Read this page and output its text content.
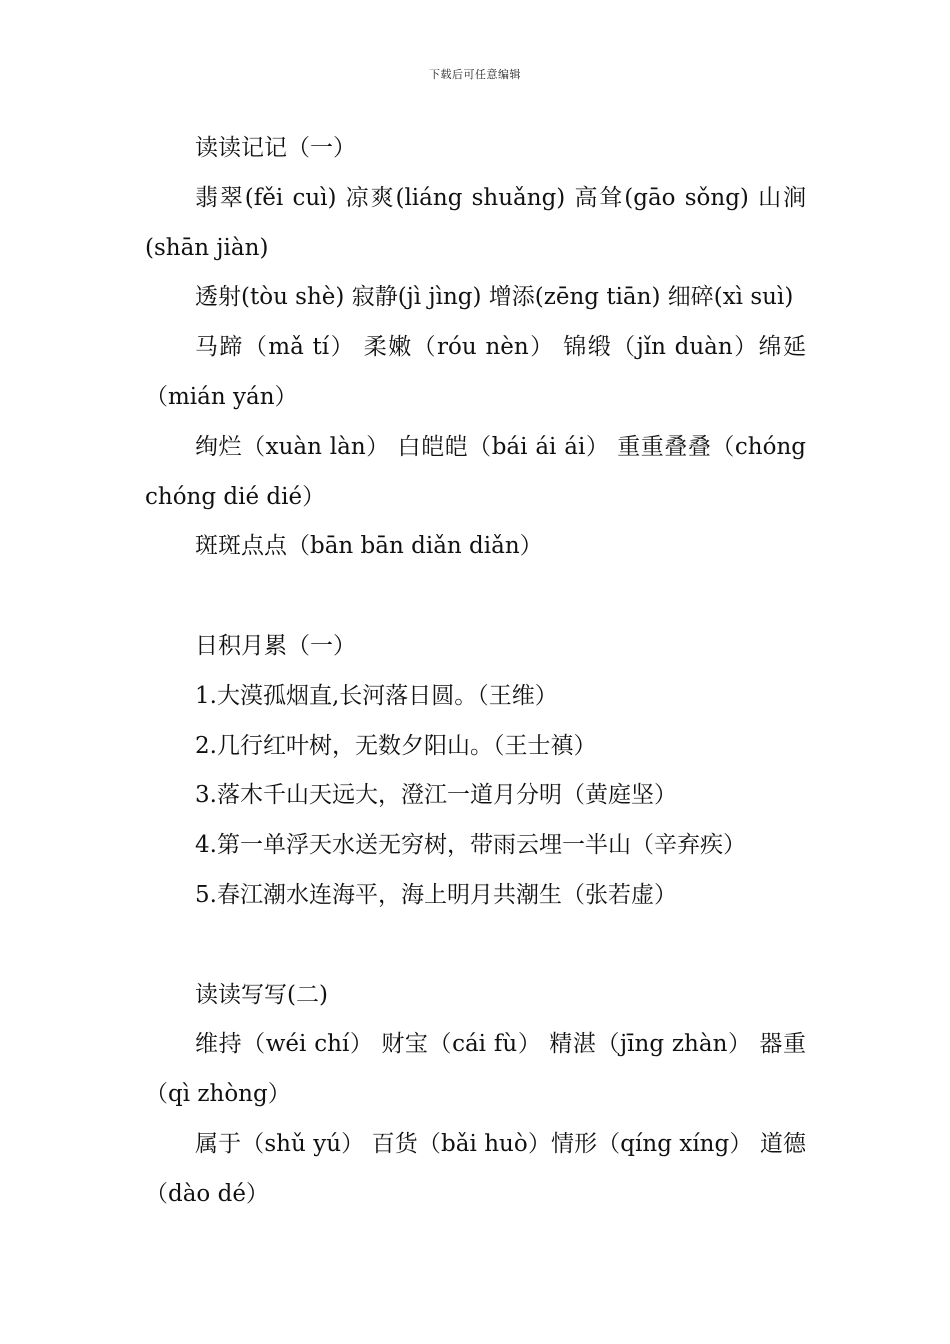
下载后可任意编辑

读读记记（一）

翡翠(fěi cuì) 凉爽(liáng shuǎng) 高耸(gāo sǒng) 山涧

(shān jiàn)

透射(tòu shè) 寂静(jì jìng) 增添(zēng tiān) 细碎(xì suì)

马蹄（mǎ tí） 柔嫩（róu nèn） 锦缎（jǐn duàn）绵延

（mián yán）

绚烂（xuàn làn） 白皑皑（bái ái ái） 重重叠叠（chóng

chóng dié dié）

斑斑点点（bān bān diǎn diǎn）

日积月累（一）

1.大漠孤烟直,长河落日圆。（王维）

2.几行红叶树，无数夕阳山。（王士禛）

3.落木千山天远大，澄江一道月分明（黄庭坚）

4.第一单浮天水送无穷树，带雨云埋一半山（辛弃疾）

5.春江潮水连海平，海上明月共潮生（张若虚）

读读写写(二)

维持（wéi chí） 财宝（cái fù） 精湛（jīng zhàn） 器重

（qì zhòng）

属于（shǔ yú） 百货（bǎi huò）情形（qíng xíng） 道德

（dào dé）
